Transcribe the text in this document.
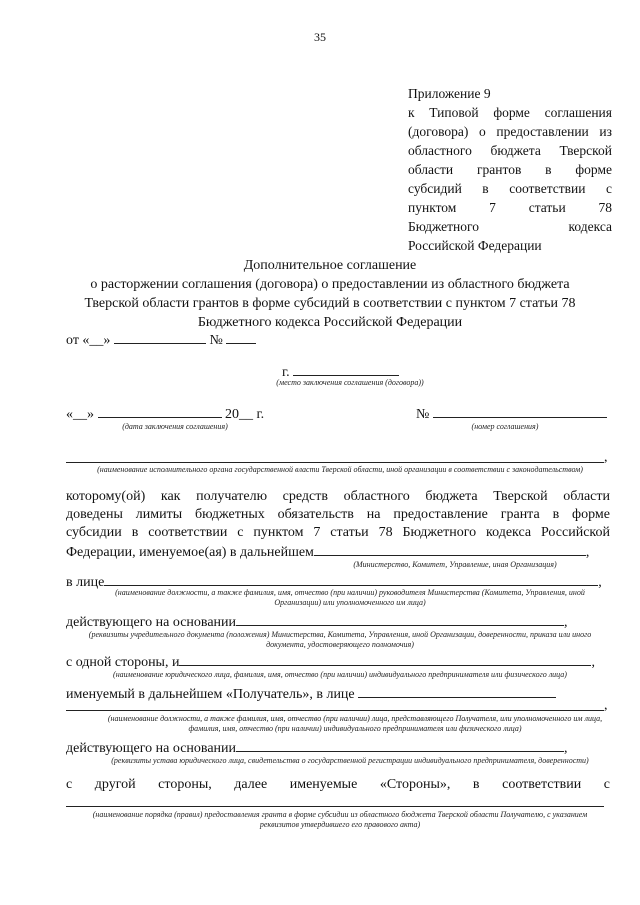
35
Приложение 9
к Типовой форме соглашения
(договора) о предоставлении из
областного бюджета Тверской
области грантов в форме
субсидий в соответствии с
пунктом 7 статьи 78
Бюджетного кодекса
Российской Федерации
Дополнительное соглашение
о расторжении соглашения (договора) о предоставлении из областного бюджета
Тверской области грантов в форме субсидий в соответствии с пунктом 7 статьи 78
Бюджетного кодекса Российской Федерации
от «__»	№
г.
(место заключения соглашения (договора))
«__»	20__ г.	№
(дата заключения соглашения)	(номер соглашения)
,
(наименование исполнительного органа государственной власти Тверской области, иной организации в соответствии с законодательством)
которому(ой) как получателю средств областного бюджета Тверской области
доведены лимиты бюджетных обязательств на предоставление гранта в форме
субсидии в соответствии с пунктом 7 статьи 78 Бюджетного кодекса Российской
Федерации, именуемое(ая) в дальнейшем	,
(Министерство, Комитет, Управление, иная Организация)
в лице	,
(наименование должности, а также фамилия, имя, отчество (при наличии) руководителя Министерства (Комитета, Управления, иной Организации) или уполномоченного им лица)
действующего на основании	,
(реквизиты учредительного документа (положения) Министерства, Комитета, Управления, иной Организации, доверенности, приказа или иного документа, удостоверяющего полномочия)
с одной стороны, и	,
(наименование юридического лица, фамилия, имя, отчество (при наличии) индивидуального предпринимателя или физического лица)
именуемый в дальнейшем «Получатель», в лице
,
(наименование должности, а также фамилия, имя, отчество (при наличии) лица, представляющего Получателя, или уполномоченного им лица, фамилия, имя, отчество (при наличии) индивидуального предпринимателя или физического лица)
действующего на основании	,
(реквизиты устава юридического лица, свидетельства о государственной регистрации индивидуального предпринимателя, доверенности)
с другой стороны, далее именуемые «Стороны», в соответствии с
(наименование порядка (правил) предоставления гранта в форме субсидии из областного бюджета Тверской области Получателю, с указанием реквизитов утвердившего его правового акта)
